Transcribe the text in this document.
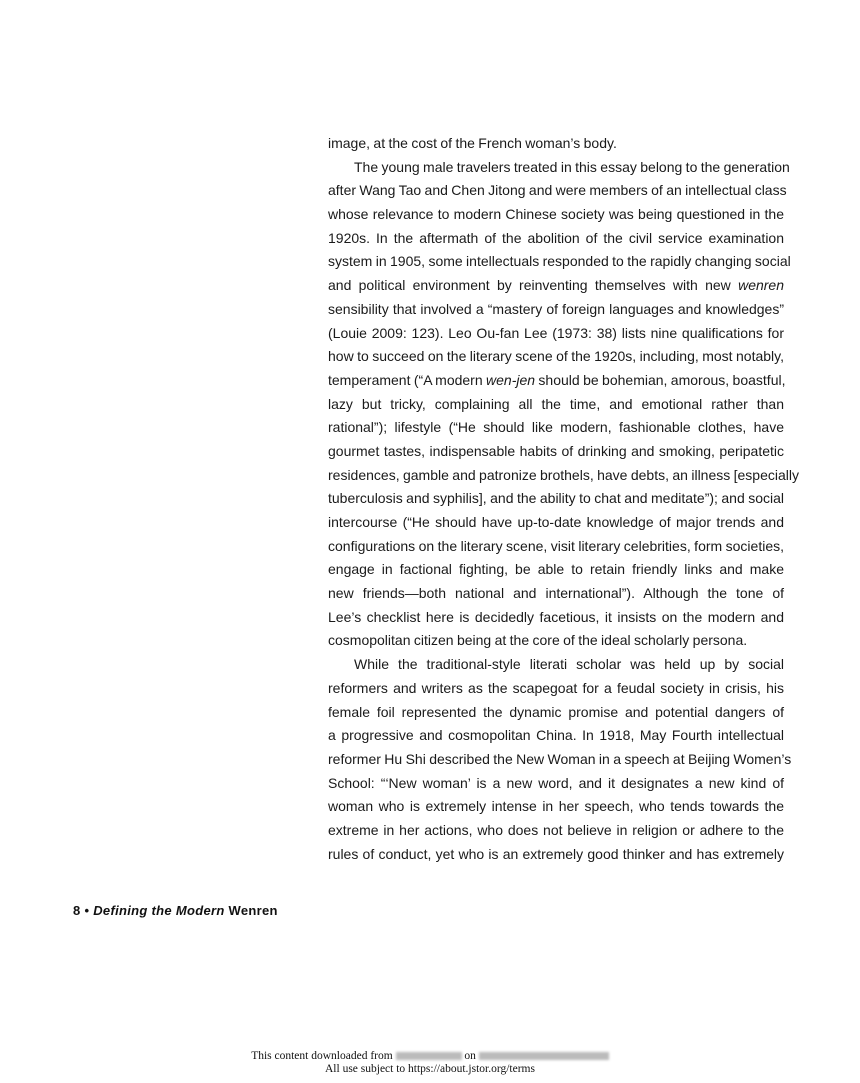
image, at the cost of the French woman’s body.
The young male travelers treated in this essay belong to the generation
after Wang Tao and Chen Jitong and were members of an intellectual class
whose relevance to modern Chinese society was being questioned in the
1920s. In the aftermath of the abolition of the civil service examination
system in 1905, some intellectuals responded to the rapidly changing social
and political environment by reinventing themselves with new wenren
sensibility that involved a “mastery of foreign languages and knowledges”
(Louie 2009: 123). Leo Ou-fan Lee (1973: 38) lists nine qualifications for
how to succeed on the literary scene of the 1920s, including, most notably,
temperament (“A modern wen-jen should be bohemian, amorous, boastful,
lazy but tricky, complaining all the time, and emotional rather than
rational”); lifestyle (“He should like modern, fashionable clothes, have
gourmet tastes, indispensable habits of drinking and smoking, peripatetic
residences, gamble and patronize brothels, have debts, an illness [especially
tuberculosis and syphilis], and the ability to chat and meditate”); and social
intercourse (“He should have up-to-date knowledge of major trends and
configurations on the literary scene, visit literary celebrities, form societies,
engage in factional fighting, be able to retain friendly links and make
new friends—both national and international”). Although the tone of
Lee’s checklist here is decidedly facetious, it insists on the modern and
cosmopolitan citizen being at the core of the ideal scholarly persona.
While the traditional-style literati scholar was held up by social
reformers and writers as the scapegoat for a feudal society in crisis, his
female foil represented the dynamic promise and potential dangers of
a progressive and cosmopolitan China. In 1918, May Fourth intellectual
reformer Hu Shi described the New Woman in a speech at Beijing Women’s
School: “‘New woman’ is a new word, and it designates a new kind of
woman who is extremely intense in her speech, who tends towards the
extreme in her actions, who does not believe in religion or adhere to the
rules of conduct, yet who is an extremely good thinker and has extremely
8 • Defining the Modern Wenren
This content downloaded from	on
All use subject to https://about.jstor.org/terms
